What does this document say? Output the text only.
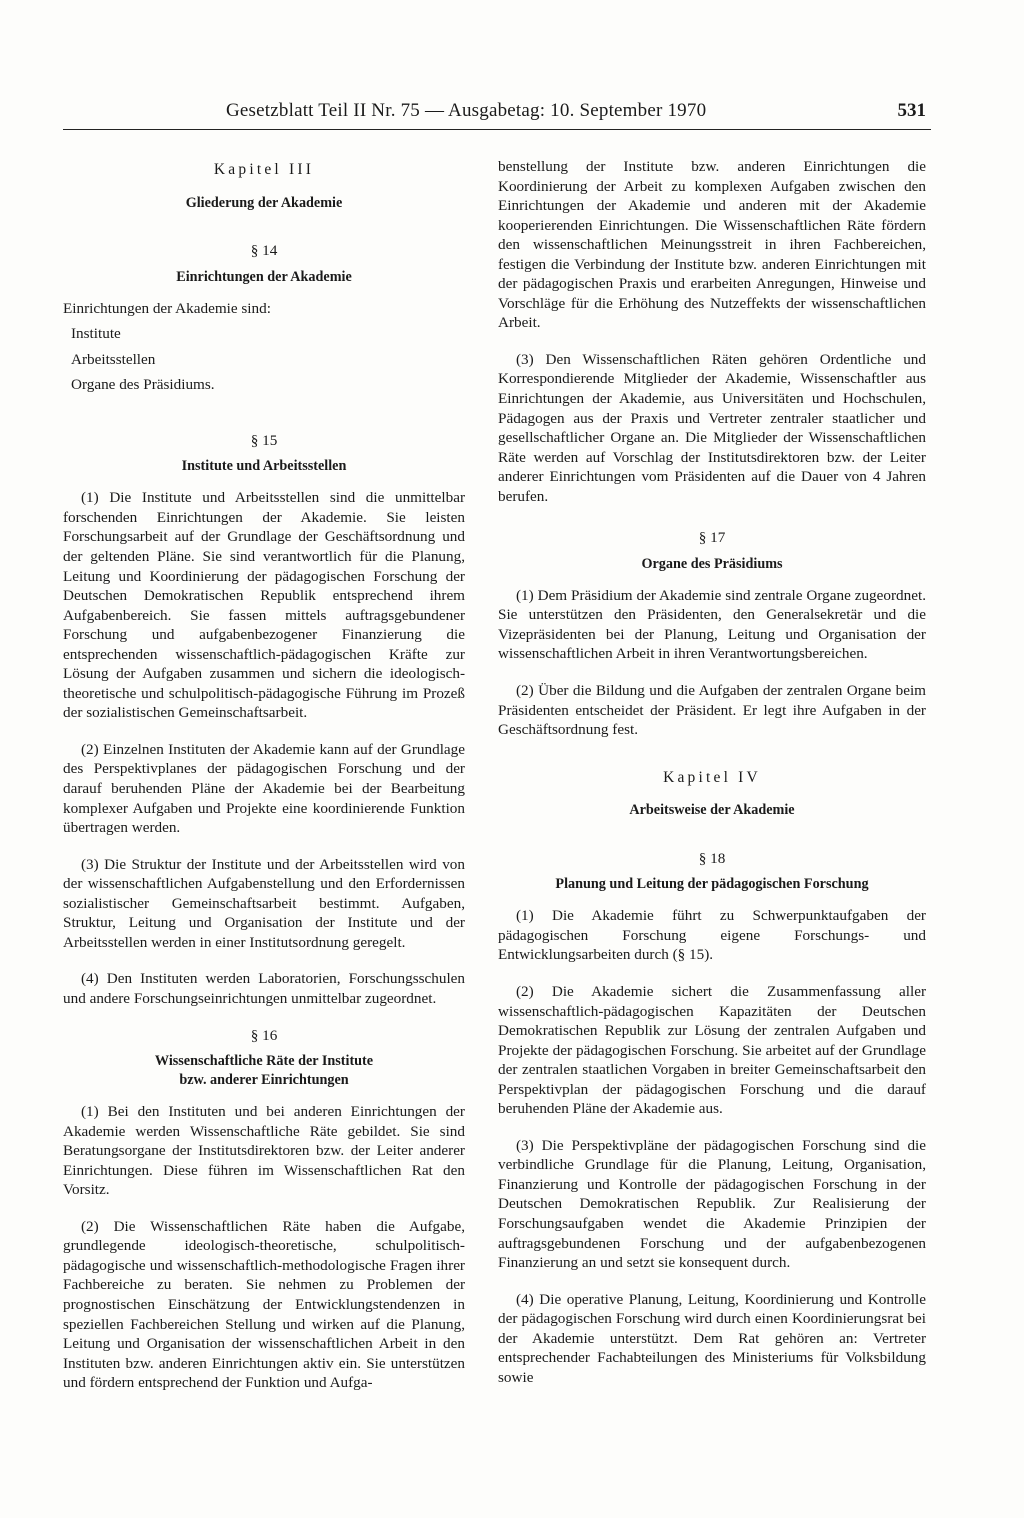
Gesetzblatt Teil II Nr. 75 — Ausgabetag: 10. September 1970	531
Kapitel III
Gliederung der Akademie
§ 14
Einrichtungen der Akademie
Einrichtungen der Akademie sind:
Institute
Arbeitsstellen
Organe des Präsidiums.
§ 15
Institute und Arbeitsstellen

(1) Die Institute und Arbeitsstellen sind die unmittelbar forschenden Einrichtungen der Akademie. Sie leisten Forschungsarbeit auf der Grundlage der Geschäftsordnung und der geltenden Pläne. Sie sind verantwortlich für die Planung, Leitung und Koordinierung der pädagogischen Forschung der Deutschen Demokratischen Republik entsprechend ihrem Aufgabenbereich. Sie fassen mittels auftragsgebundener Forschung und aufgabenbezogener Finanzierung die entsprechenden wissenschaftlich-pädagogischen Kräfte zur Lösung der Aufgaben zusammen und sichern die ideologisch-theoretische und schulpolitisch-pädagogische Führung im Prozeß der sozialistischen Gemeinschaftsarbeit.

(2) Einzelnen Instituten der Akademie kann auf der Grundlage des Perspektivplanes der pädagogischen Forschung und der darauf beruhenden Pläne der Akademie bei der Bearbeitung komplexer Aufgaben und Projekte eine koordinierende Funktion übertragen werden.

(3) Die Struktur der Institute und der Arbeitsstellen wird von der wissenschaftlichen Aufgabenstellung und den Erfordernissen sozialistischer Gemeinschaftsarbeit bestimmt. Aufgaben, Struktur, Leitung und Organisation der Institute und der Arbeitsstellen werden in einer Institutsordnung geregelt.

(4) Den Instituten werden Laboratorien, Forschungsschulen und andere Forschungseinrichtungen unmittelbar zugeordnet.

§ 16
Wissenschaftliche Räte der Institute
bzw. anderer Einrichtungen

(1) Bei den Instituten und bei anderen Einrichtungen der Akademie werden Wissenschaftliche Räte gebildet. Sie sind Beratungsorgane der Institutsdirektoren bzw. der Leiter anderer Einrichtungen. Diese führen im Wissenschaftlichen Rat den Vorsitz.

(2) Die Wissenschaftlichen Räte haben die Aufgabe, grundlegende ideologisch-theoretische, schulpolitisch-pädagogische und wissenschaftlich-methodologische Fragen ihrer Fachbereiche zu beraten. Sie nehmen zu Problemen der prognostischen Einschätzung der Entwicklungstendenzen in speziellen Fachbereichen Stellung und wirken auf die Planung, Leitung und Organisation der wissenschaftlichen Arbeit in den Instituten bzw. anderen Einrichtungen aktiv ein. Sie unterstützen und fördern entsprechend der Funktion und Aufga-

benstellung der Institute bzw. anderen Einrichtungen die Koordinierung der Arbeit zu komplexen Aufgaben zwischen den Einrichtungen der Akademie und anderen mit der Akademie kooperierenden Einrichtungen. Die Wissenschaftlichen Räte fördern den wissenschaftlichen Meinungsstreit in ihren Fachbereichen, festigen die Verbindung der Institute bzw. anderen Einrichtungen mit der pädagogischen Praxis und erarbeiten Anregungen, Hinweise und Vorschläge für die Erhöhung des Nutzeffekts der wissenschaftlichen Arbeit.

(3) Den Wissenschaftlichen Räten gehören Ordentliche und Korrespondierende Mitglieder der Akademie, Wissenschaftler aus Einrichtungen der Akademie, aus Universitäten und Hochschulen, Pädagogen aus der Praxis und Vertreter zentraler staatlicher und gesellschaftlicher Organe an. Die Mitglieder der Wissenschaftlichen Räte werden auf Vorschlag der Institutsdirektoren bzw. der Leiter anderer Einrichtungen vom Präsidenten auf die Dauer von 4 Jahren berufen.

§ 17
Organe des Präsidiums

(1) Dem Präsidium der Akademie sind zentrale Organe zugeordnet. Sie unterstützen den Präsidenten, den Generalsekretär und die Vizepräsidenten bei der Planung, Leitung und Organisation der wissenschaftlichen Arbeit in ihren Verantwortungsbereichen.

(2) Über die Bildung und die Aufgaben der zentralen Organe beim Präsidenten entscheidet der Präsident. Er legt ihre Aufgaben in der Geschäftsordnung fest.

Kapitel IV
Arbeitsweise der Akademie
§ 18
Planung und Leitung der pädagogischen Forschung

(1) Die Akademie führt zu Schwerpunktaufgaben der pädagogischen Forschung eigene Forschungs- und Entwicklungsarbeiten durch (§ 15).

(2) Die Akademie sichert die Zusammenfassung aller wissenschaftlich-pädagogischen Kapazitäten der Deutschen Demokratischen Republik zur Lösung der zentralen Aufgaben und Projekte der pädagogischen Forschung. Sie arbeitet auf der Grundlage der zentralen staatlichen Vorgaben in breiter Gemeinschaftsarbeit den Perspektivplan der pädagogischen Forschung und die darauf beruhenden Pläne der Akademie aus.

(3) Die Perspektivpläne der pädagogischen Forschung sind die verbindliche Grundlage für die Planung, Leitung, Organisation, Finanzierung und Kontrolle der pädagogischen Forschung in der Deutschen Demokratischen Republik. Zur Realisierung der Forschungsaufgaben wendet die Akademie Prinzipien der auftragsgebundenen Forschung und der aufgabenbezogenen Finanzierung an und setzt sie konsequent durch.

(4) Die operative Planung, Leitung, Koordinierung und Kontrolle der pädagogischen Forschung wird durch einen Koordinierungsrat bei der Akademie unterstützt. Dem Rat gehören an: Vertreter entsprechender Fachabteilungen des Ministeriums für Volksbildung sowie
